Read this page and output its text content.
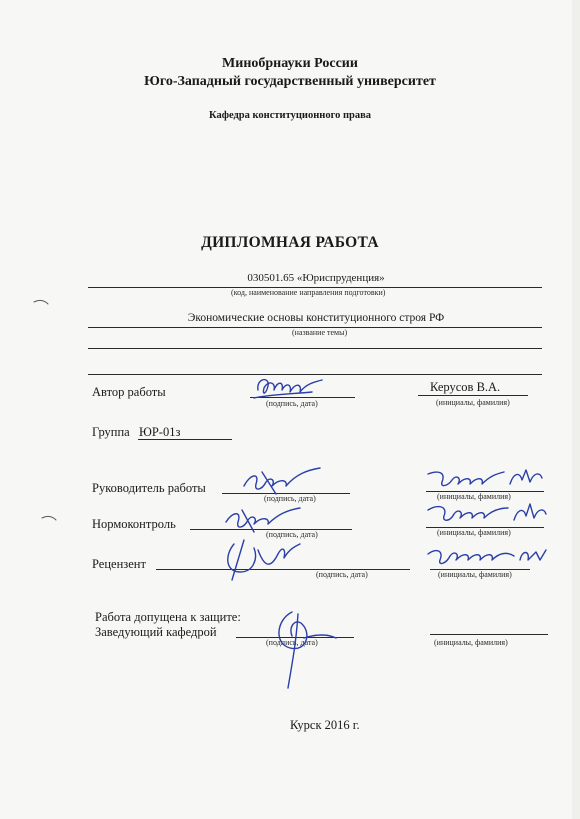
Минобрнауки России
Юго-Западный государственный университет
Кафедра конституционного права
ДИПЛОМНАЯ РАБОТА
030501.65 «Юриспруденция»
(код, наименование направления подготовки)
Экономические основы конституционного строя РФ
(название темы)
Автор работы
(подпись, дата)
Керусов В.А.
(инициалы, фамилия)
Группа ЮР-01з
Руководитель работы
(подпись, дата)	(инициалы, фамилия)
Нормоконтроль
(подпись, дата)	(инициалы, фамилия)
Рецензент
(подпись, дата)	(инициалы, фамилия)
Работа допущена к защите:
Заведующий кафедрой
(подпись, дата)	(инициалы, фамилия)
Курск 2016 г.
